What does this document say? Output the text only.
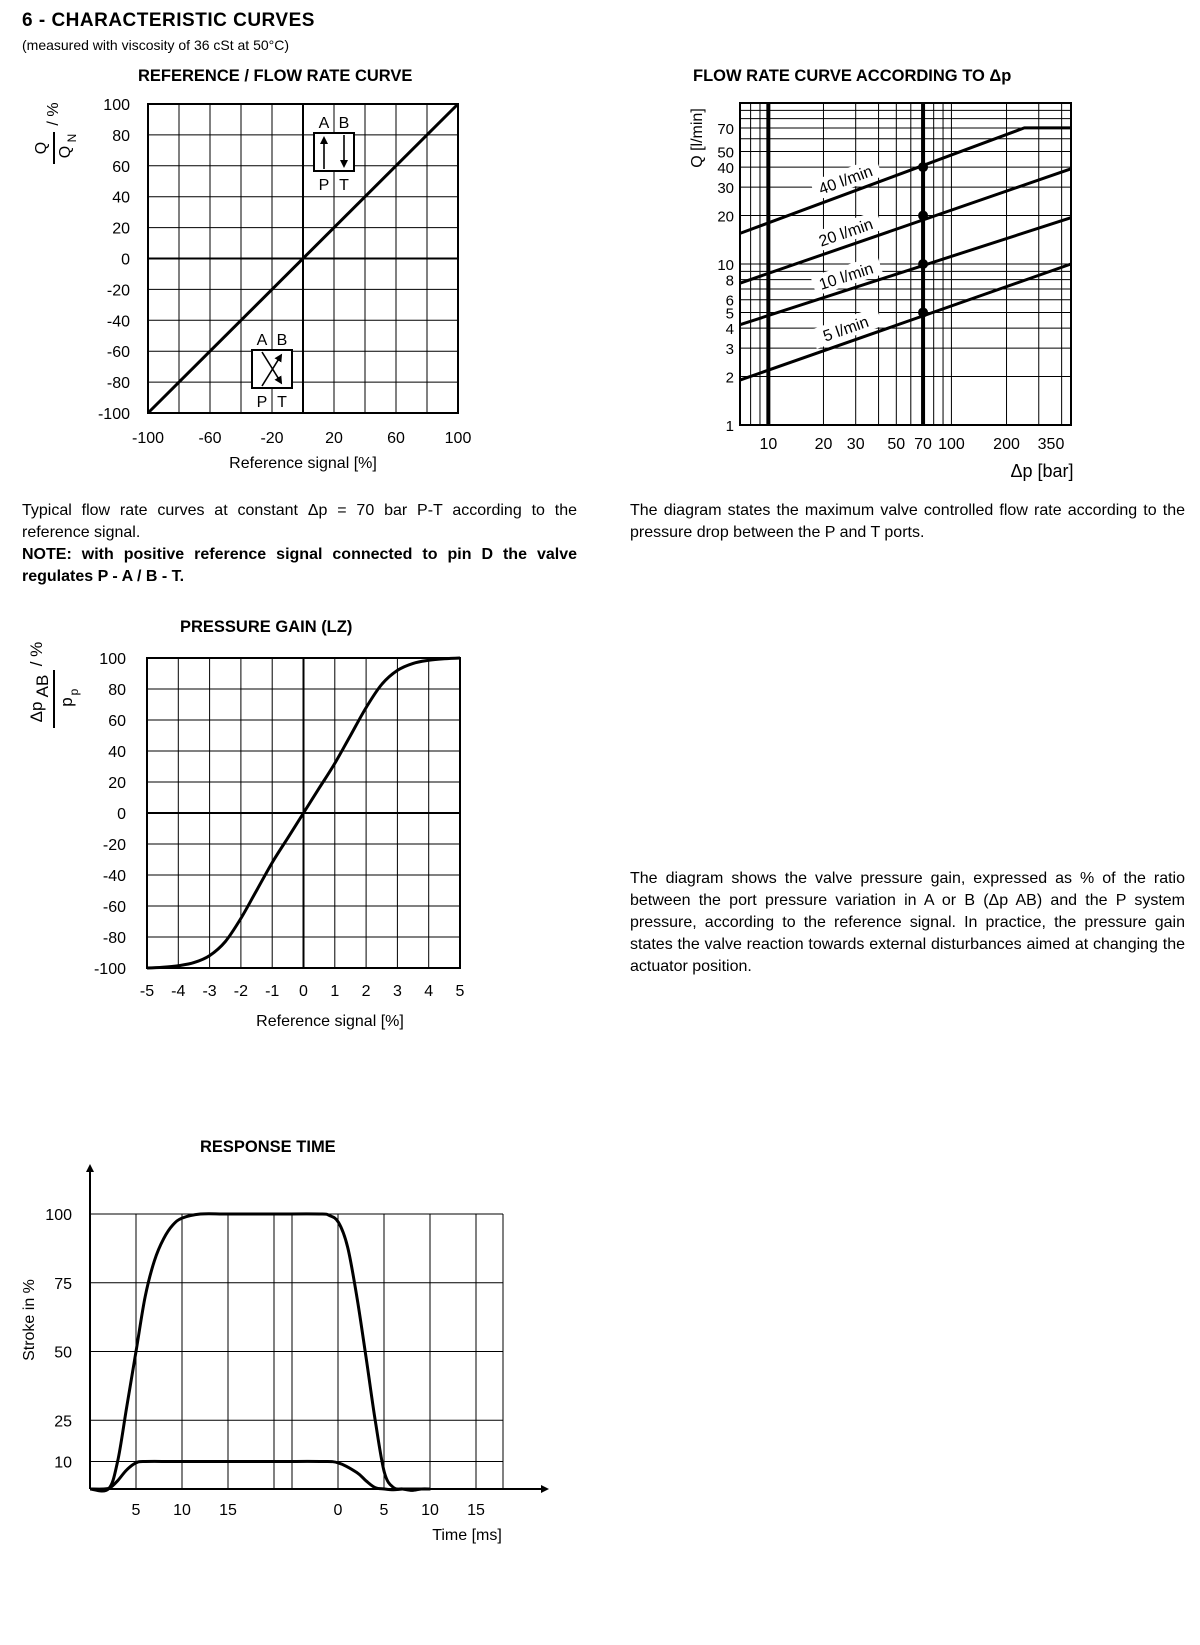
6 - CHARACTERISTIC CURVES
(measured with viscosity of 36 cSt at 50°C)
REFERENCE / FLOW RATE CURVE	FLOW RATE CURVE ACCORDING TO Δp
PRESSURE GAIN (LZ)
RESPONSE TIME
Typical flow rate curves at constant Δp = 70 bar P-T according to the reference signal.
NOTE: with positive reference signal connected to pin D the valve regulates P - A / B - T.
The diagram states the maximum valve controlled flow rate according to the pressure drop between the P and T ports.
The diagram shows the valve pressure gain, expressed as % of the ratio between the port pressure variation in A or B (Δp AB) and the P system pressure, according to the reference signal. In practice, the pressure gain states the valve reaction towards external disturbances aimed at changing the actuator position.
100
80
60
40
20
0
-20
-40
-60
-80
-100
-100 -60 -20	20	60 100
Reference signal [%]
Q Q
N
/ %	A B
P T
A B
P T
70
50
40
30
20
10
8
6
5
4
3
2
1
10 20 30 50 70 100 200 350
Δp [bar]
Q [l/min]
40 l/min
20 l/min
10 l/min
5 l/min
100
80
60
40
20
0
-20
-40
-60
-80
-100
-5 -4 -3 -2 -1 0 1 2 3 4 5
Reference signal [%]
Δp
AB
/ %
p
p
100
75
50
25
10
5 10 15	0 5 10 15
Time [ms]
Stroke in %
